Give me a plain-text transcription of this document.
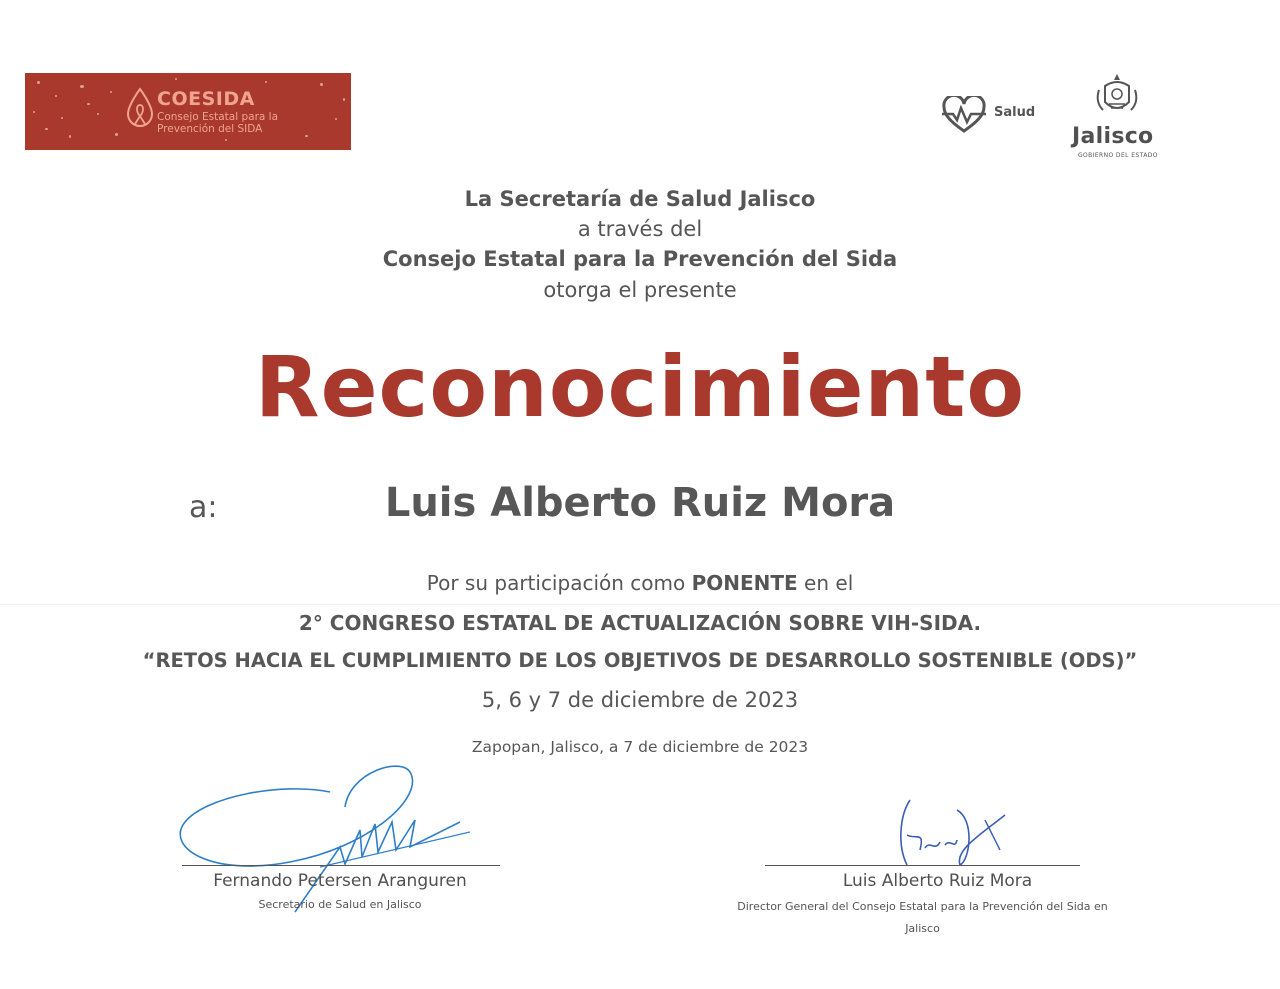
COESIDA
Consejo Estatal para la Prevención del SIDA
Salud
Jalisco
GOBIERNO DEL ESTADO
La Secretaría de Salud Jalisco
a través del
Consejo Estatal para la Prevención del Sida
otorga el presente
Reconocimiento
a:	Luis Alberto Ruiz Mora
Por su participación como PONENTE en el
2° CONGRESO ESTATAL DE ACTUALIZACIÓN SOBRE VIH-SIDA.
“RETOS HACIA EL CUMPLIMIENTO DE LOS OBJETIVOS DE DESARROLLO SOSTENIBLE (ODS)”
5, 6 y 7 de diciembre de 2023
Zapopan, Jalisco, a 7 de diciembre de 2023
Fernando Petersen Aranguren
Secretario de Salud en Jalisco
Luis Alberto Ruiz Mora
Director General del Consejo Estatal para la Prevención del Sida en Jalisco
